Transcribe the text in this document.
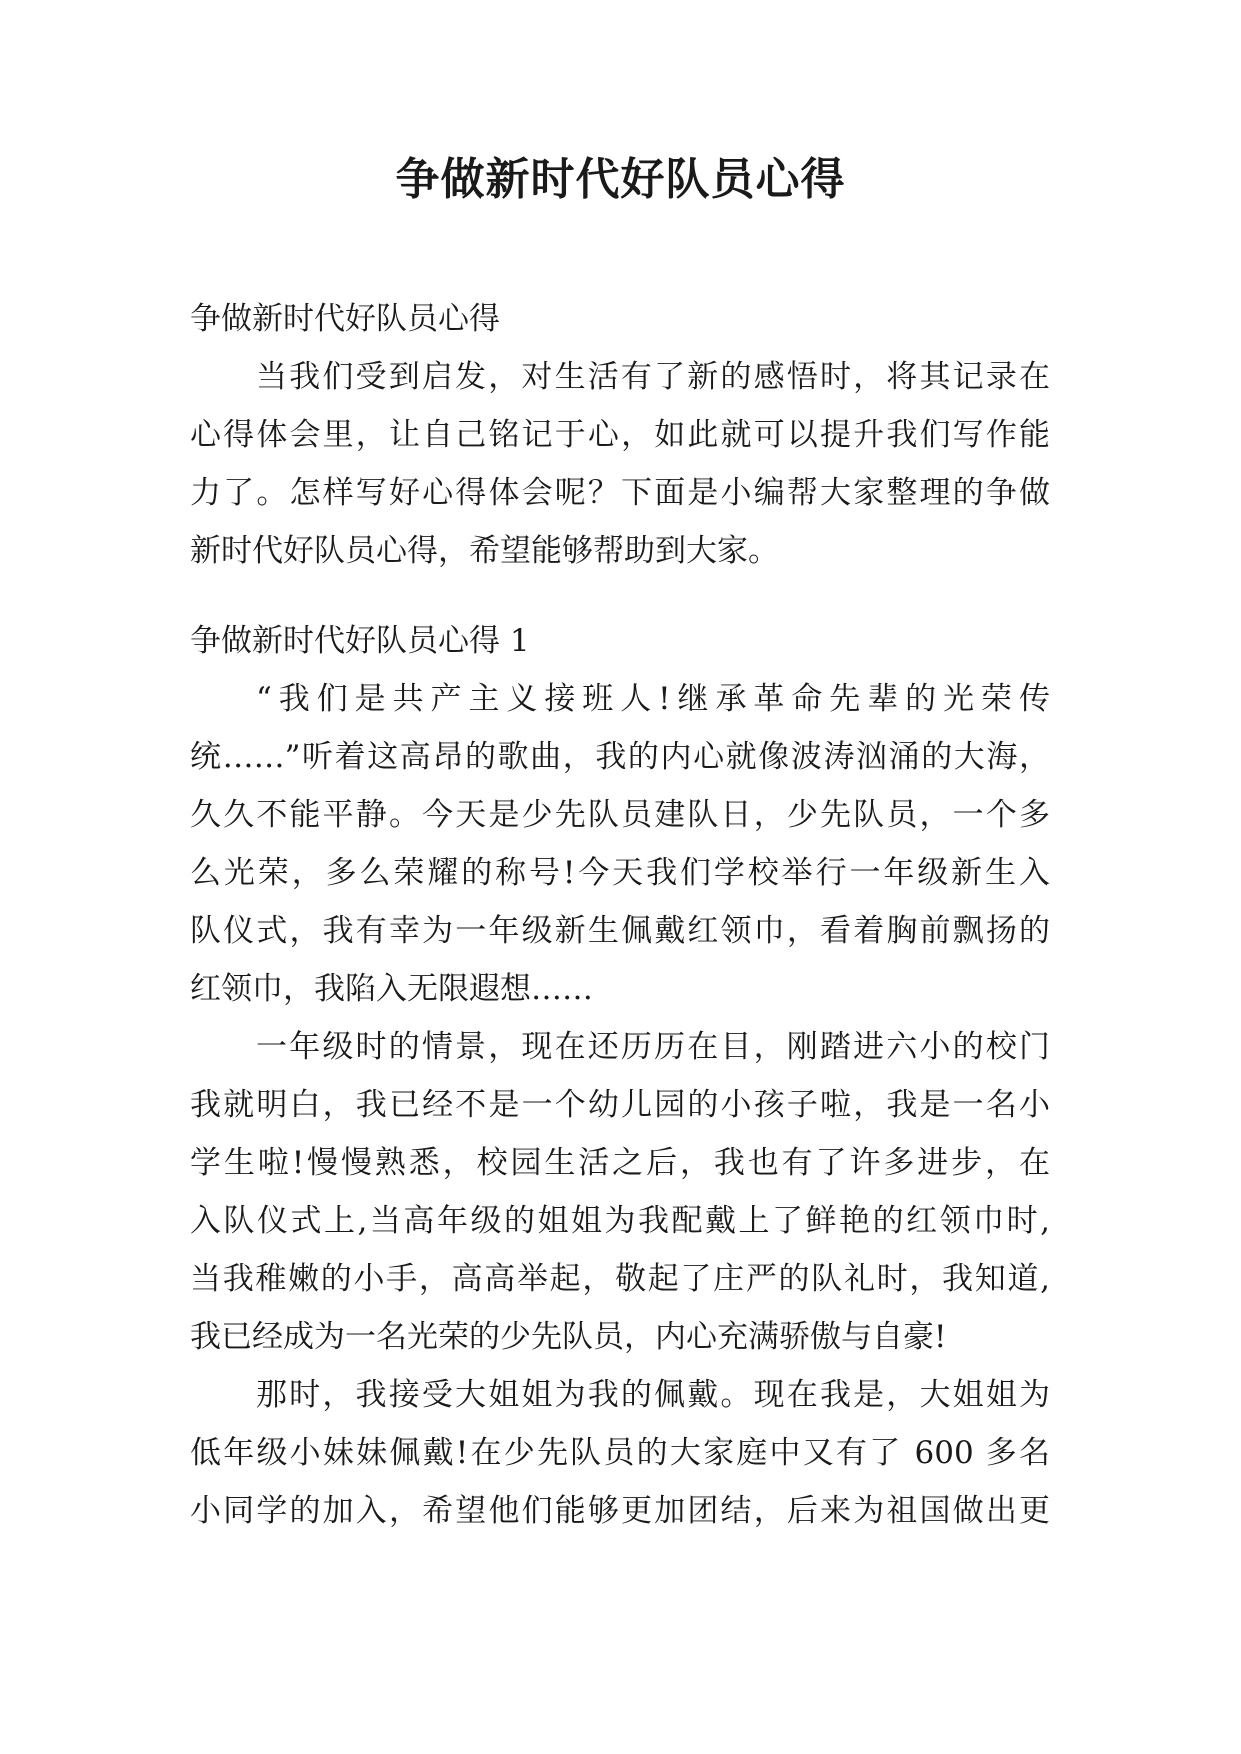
争做新时代好队员心得
争做新时代好队员心得
当我们受到启发，对生活有了新的感悟时，将其记录在
心得体会里，让自己铭记于心，如此就可以提升我们写作能
力了。怎样写好心得体会呢？下面是小编帮大家整理的争做
新时代好队员心得，希望能够帮助到大家。
争做新时代好队员心得 1
“我们是共产主义接班人!继承革命先辈的光荣传
统……”听着这高昂的歌曲，我的内心就像波涛汹涌的大海，
久久不能平静。今天是少先队员建队日，少先队员，一个多
么光荣，多么荣耀的称号!今天我们学校举行一年级新生入
队仪式，我有幸为一年级新生佩戴红领巾，看着胸前飘扬的
红领巾，我陷入无限遐想……
一年级时的情景，现在还历历在目，刚踏进六小的校门
我就明白，我已经不是一个幼儿园的小孩子啦，我是一名小
学生啦!慢慢熟悉，校园生活之后，我也有了许多进步，在
入队仪式上,当高年级的姐姐为我配戴上了鲜艳的红领巾时,
当我稚嫩的小手，高高举起，敬起了庄严的队礼时，我知道,
我已经成为一名光荣的少先队员，内心充满骄傲与自豪!
那时，我接受大姐姐为我的佩戴。现在我是，大姐姐为
低年级小妹妹佩戴!在少先队员的大家庭中又有了 600 多名
小同学的加入，希望他们能够更加团结，后来为祖国做出更
